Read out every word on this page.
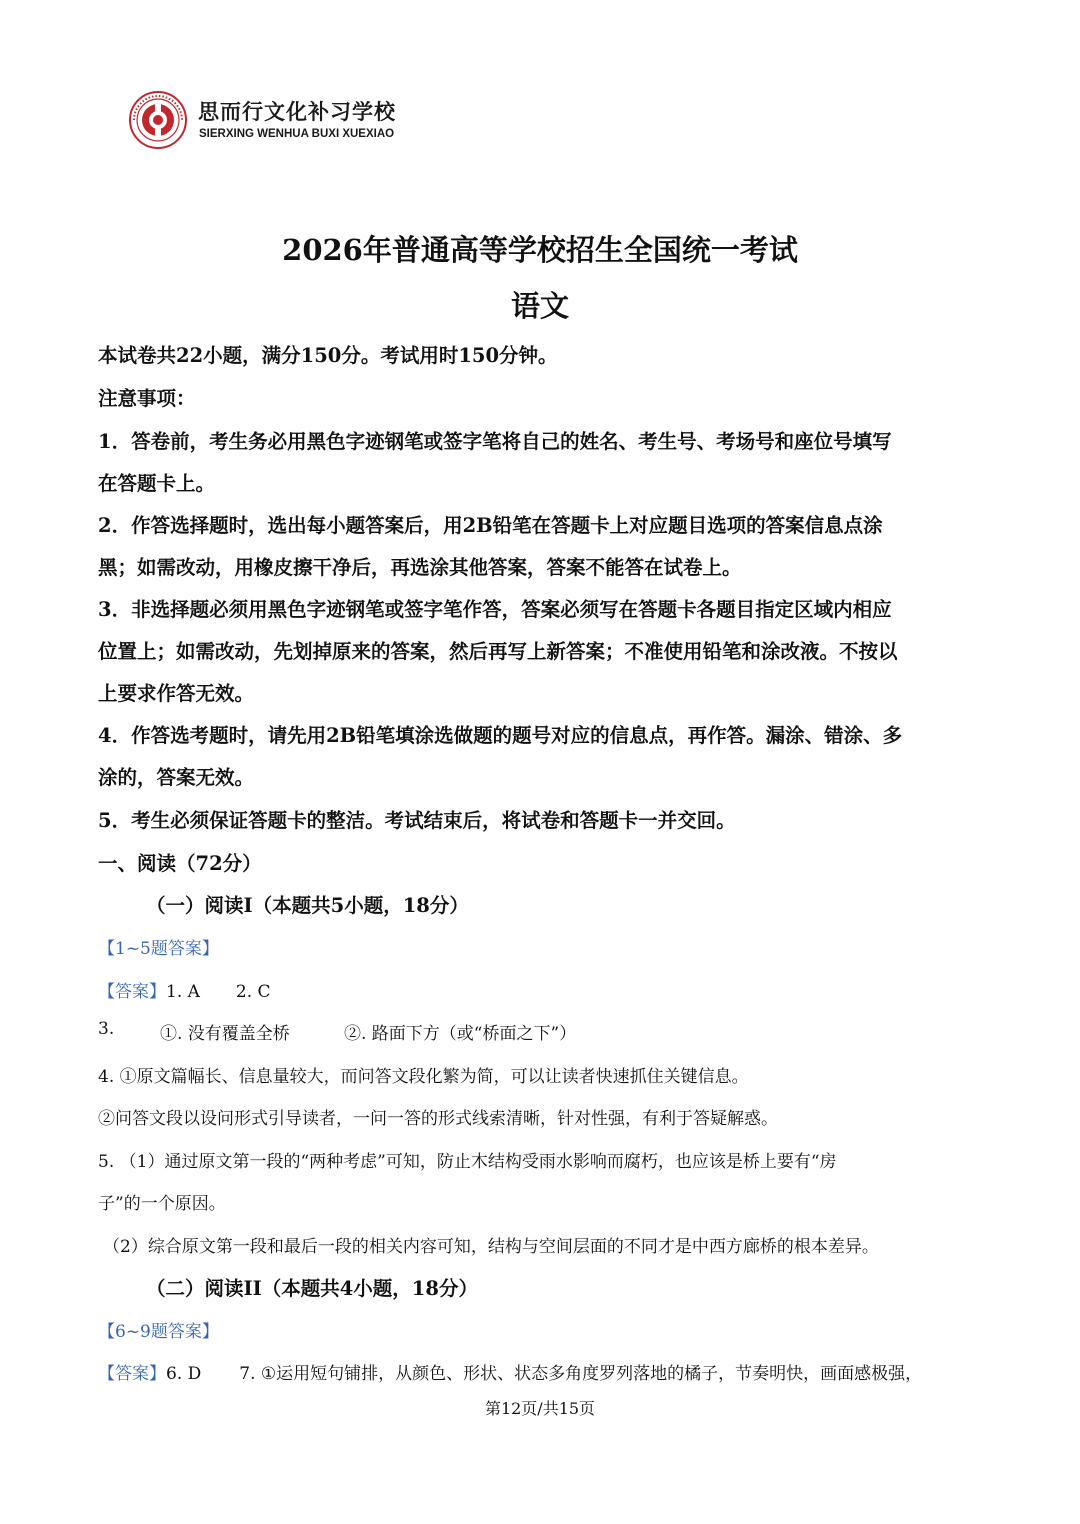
思而行文化补习学校
SIERXING WENHUA BUXI XUEXIAO
2026年普通高等学校招生全国统一考试
语文
本试卷共22小题，满分150分。考试用时150分钟。
注意事项：
1．答卷前，考生务必用黑色字迹钢笔或签字笔将自己的姓名、考生号、考场号和座位号填写
在答题卡上。
2．作答选择题时，选出每小题答案后，用2B铅笔在答题卡上对应题目选项的答案信息点涂
黑；如需改动，用橡皮擦干净后，再选涂其他答案，答案不能答在试卷上。
3．非选择题必须用黑色字迹钢笔或签字笔作答，答案必须写在答题卡各题目指定区域内相应
位置上；如需改动，先划掉原来的答案，然后再写上新答案；不准使用铅笔和涂改液。不按以
上要求作答无效。
4．作答选考题时，请先用2B铅笔填涂选做题的题号对应的信息点，再作答。漏涂、错涂、多
涂的，答案无效。
5．考生必须保证答题卡的整洁。考试结束后，将试卷和答题卡一并交回。
一、阅读（72分）
（一）阅读I（本题共5小题，18分）
【1~5题答案】
【答案】1. A 2. C
3.	①. 没有覆盖全桥	②. 路面下方（或“桥面之下”）
4. ①原文篇幅长、信息量较大，而问答文段化繁为简，可以让读者快速抓住关键信息。
②问答文段以设问形式引导读者，一问一答的形式线索清晰，针对性强，有利于答疑解惑。
5. （1）通过原文第一段的“两种考虑”可知，防止木结构受雨水影响而腐朽，也应该是桥上要有“房
子”的一个原因。
（2）综合原文第一段和最后一段的相关内容可知，结构与空间层面的不同才是中西方廊桥的根本差异。
（二）阅读II（本题共4小题，18分）
【6~9题答案】
【答案】6. D 7. ①运用短句铺排，从颜色、形状、状态多角度罗列落地的橘子，节奏明快，画面感极强，
第12页/共15页
